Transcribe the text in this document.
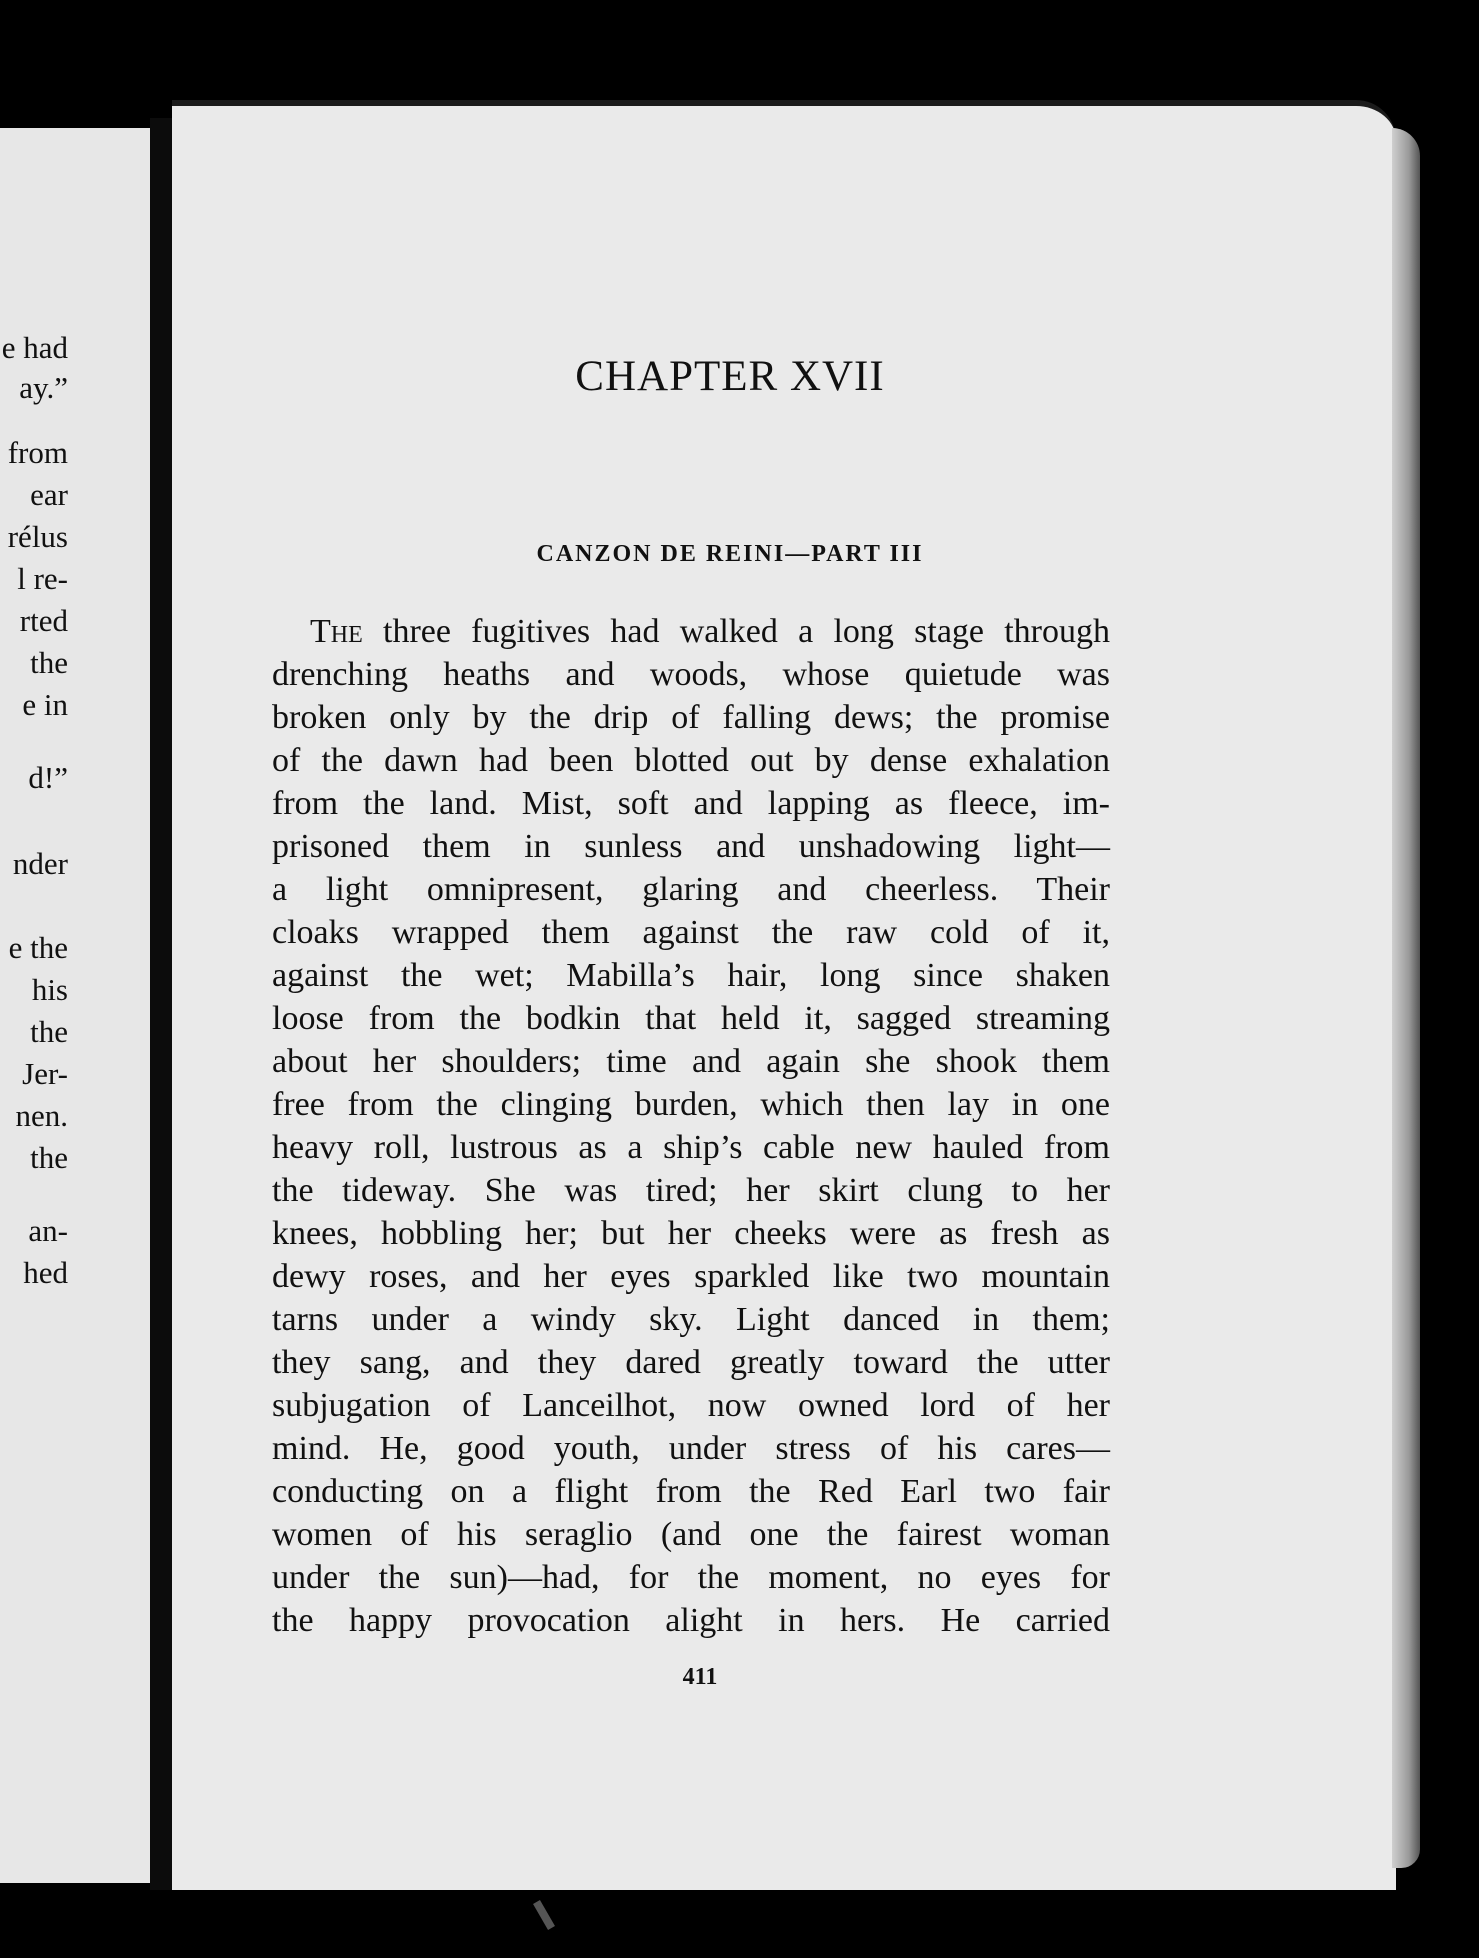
e had
ay.”
from
ear
rélus
l re-
rted
the
e in
d!”
nder
e the
his
the
Jer-
nen.
the
an-
hed
CHAPTER XVII
CANZON DE REINI—PART III
The three fugitives had walked a long stage through
drenching heaths and woods, whose quietude was
broken only by the drip of falling dews; the promise
of the dawn had been blotted out by dense exhalation
from the land. Mist, soft and lapping as fleece, im-
prisoned them in sunless and unshadowing light—
a light omnipresent, glaring and cheerless. Their
cloaks wrapped them against the raw cold of it,
against the wet; Mabilla’s hair, long since shaken
loose from the bodkin that held it, sagged streaming
about her shoulders; time and again she shook them
free from the clinging burden, which then lay in one
heavy roll, lustrous as a ship’s cable new hauled from
the tideway. She was tired; her skirt clung to her
knees, hobbling her; but her cheeks were as fresh as
dewy roses, and her eyes sparkled like two mountain
tarns under a windy sky. Light danced in them;
they sang, and they dared greatly toward the utter
subjugation of Lanceilhot, now owned lord of her
mind. He, good youth, under stress of his cares—
conducting on a flight from the Red Earl two fair
women of his seraglio (and one the fairest woman
under the sun)—had, for the moment, no eyes for
the happy provocation alight in hers. He carried
411
